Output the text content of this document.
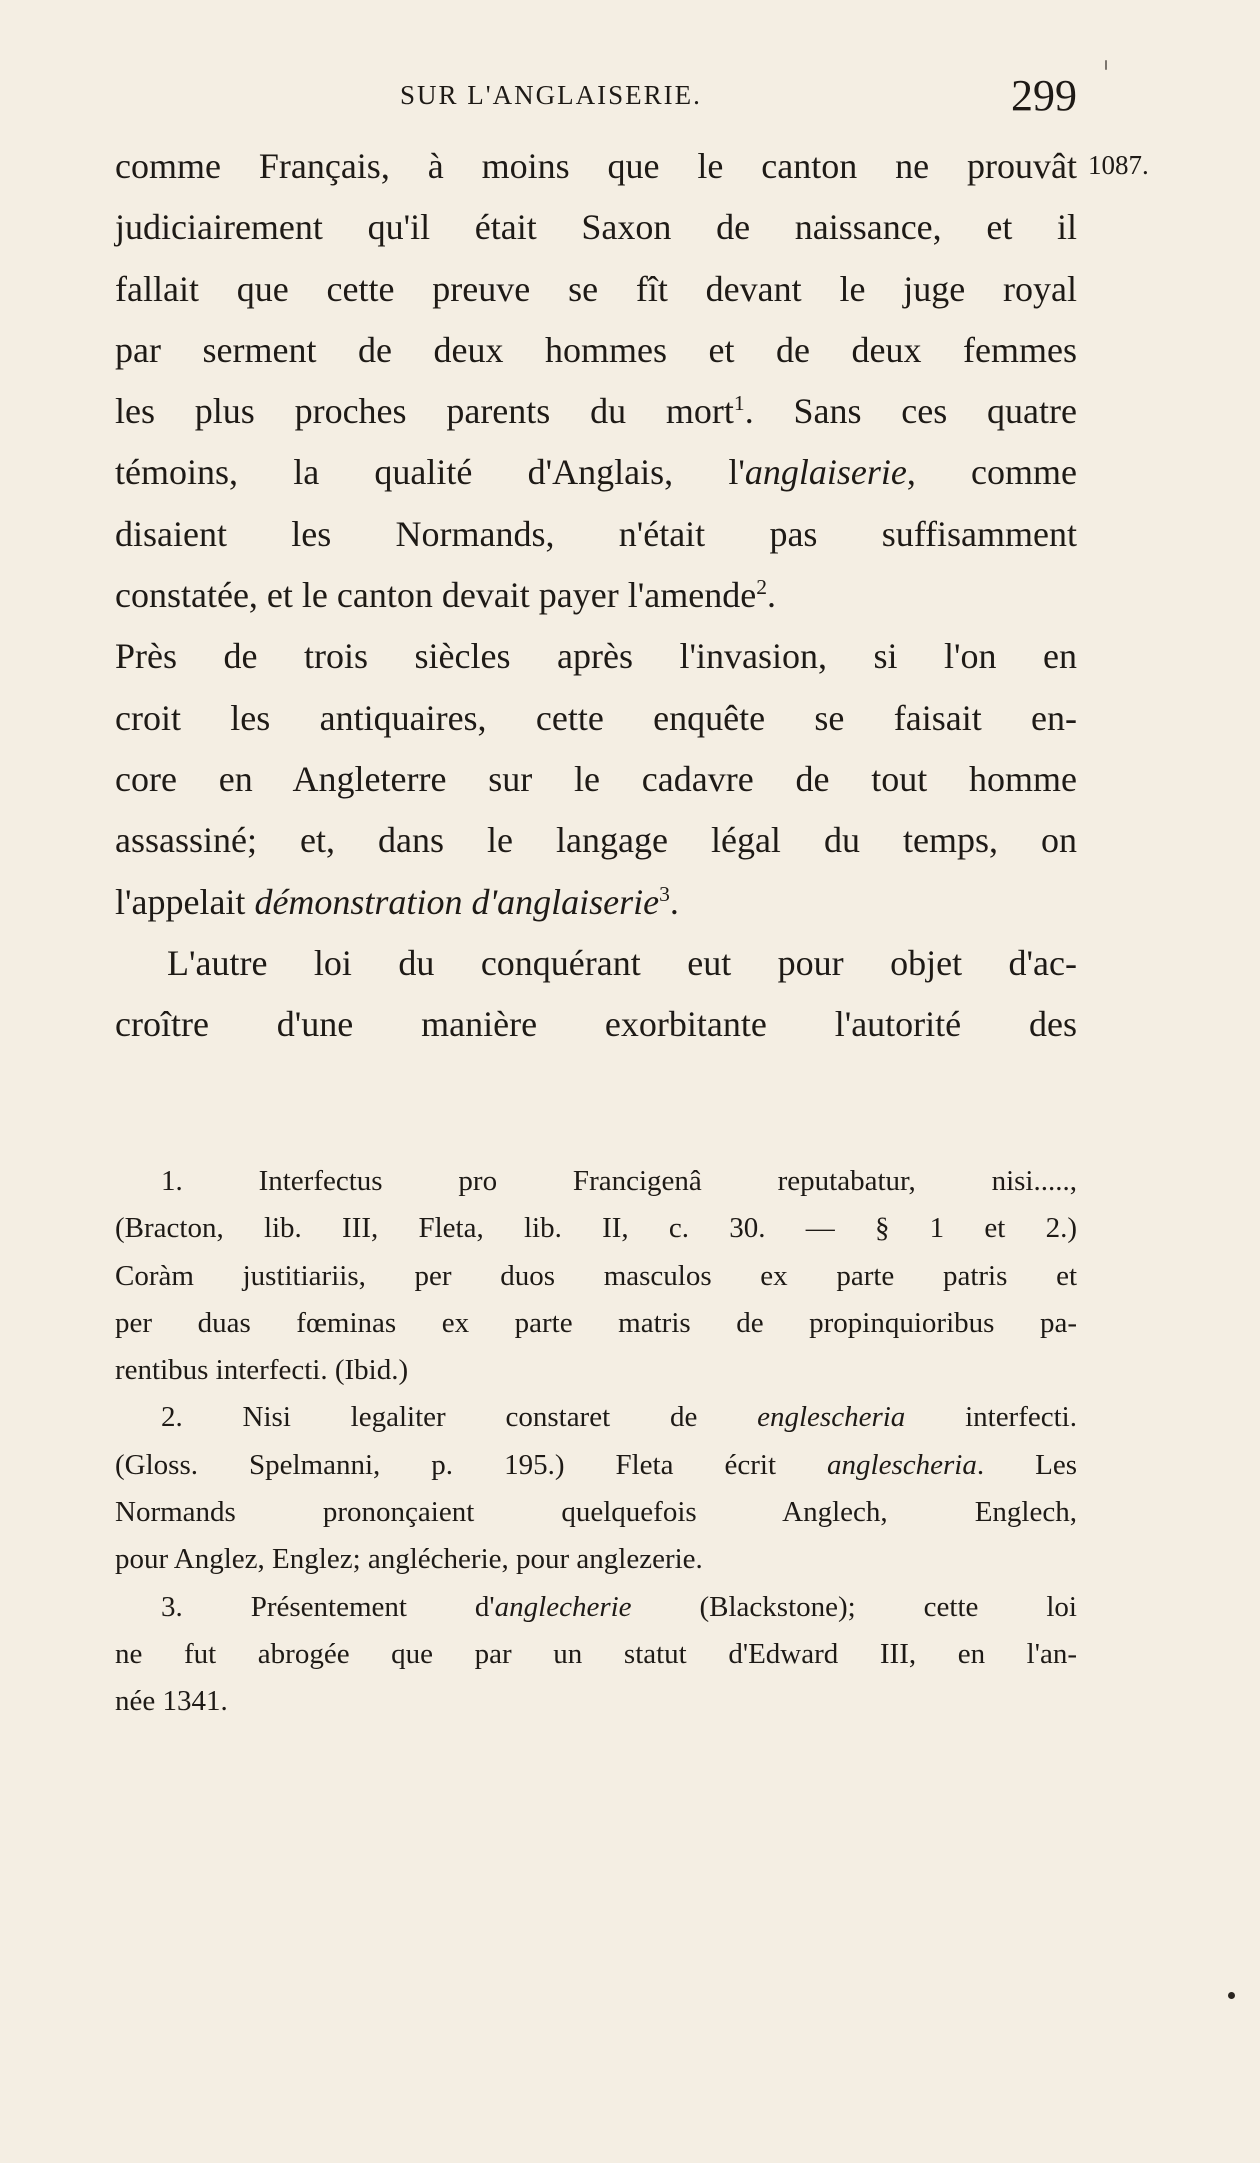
SUR L'ANGLAISERIE.	299
1087.
comme Français, à moins que le canton ne prouvât
judiciairement qu'il était Saxon de naissance, et il
fallait que cette preuve se fît devant le juge royal
par serment de deux hommes et de deux femmes
les plus proches parents du mort$^1$. Sans ces quatre
témoins, la qualité d'Anglais, l'anglaiserie, comme
disaient les Normands, n'était pas suffisamment
constatée, et le canton devait payer l'amende$^2$.
Près de trois siècles après l'invasion, si l'on en
croit les antiquaires, cette enquête se faisait en-
core en Angleterre sur le cadavre de tout homme
assassiné; et, dans le langage légal du temps, on
l'appelait démonstration d'anglaiserie$^3$.
L'autre loi du conquérant eut pour objet d'ac-
croître d'une manière exorbitante l'autorité des
1. Interfectus pro Francigenâ reputabatur, nisi.....,
(Bracton, lib. III, Fleta, lib. II, c. 30. — § 1 et 2.)
Coràm justitiariis, per duos masculos ex parte patris et
per duas fœminas ex parte matris de propinquioribus pa-
rentibus interfecti. (Ibid.)
2. Nisi legaliter constaret de englescheria interfecti.
(Gloss. Spelmanni, p. 195.) Fleta écrit anglescheria. Les
Normands prononçaient quelquefois Anglech, Englech,
pour Anglez, Englez; anglécherie, pour anglezerie.
3. Présentement d'anglecherie (Blackstone); cette loi
ne fut abrogée que par un statut d'Edward III, en l'an-
née 1341.
